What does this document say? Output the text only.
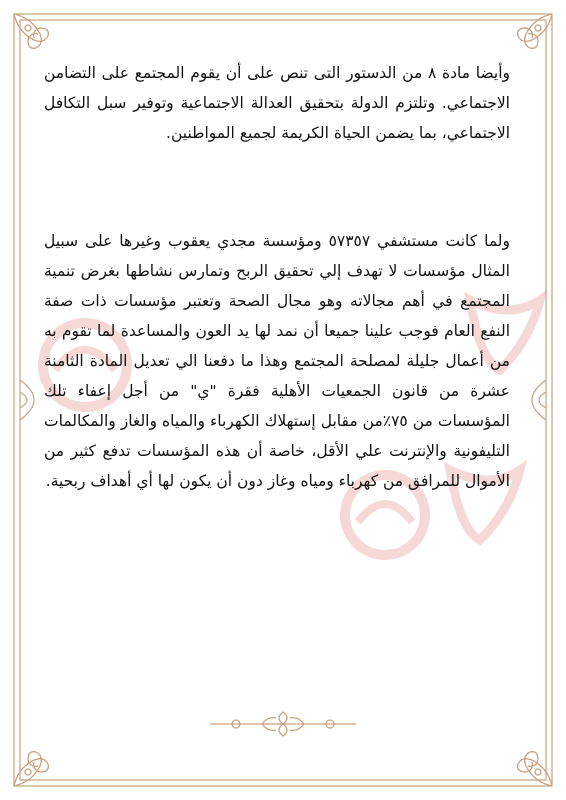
وأيضا مادة ٨ من الدستور التى تنص على أن يقوم المجتمع على التضامن الاجتماعي. وتلتزم الدولة بتحقيق العدالة الاجتماعية وتوفير سبل التكافل الاجتماعي، بما يضمن الحياة الكريمة لجميع المواطنين.
ولما كانت مستشفي ٥٧٣٥٧ ومؤسسة مجدي يعقوب وغيرها على سبيل المثال مؤسسات لا تهدف إلي تحقيق الربح وتمارس نشاطها بغرض تنمية المجتمع في أهم مجالاته وهو مجال الصحة وتعتبر مؤسسات ذات صفة النفع العام فوجب علينا جميعا أن نمد لها يد العون والمساعدة لما تقوم به من أعمال جليلة لمصلحة المجتمع وهذا ما دفعنا الي تعديل المادة الثامنة عشرة من قانون الجمعيات الأهلية فقرة "ي" من أجل إعفاء تلك المؤسسات من ٧٥٪من مقابل إستهلاك الكهرباء والمياه والغاز والمكالمات التليفونية والإنترنت علي الأقل، خاصة أن هذه المؤسسات تدفع كثير من الأموال للمرافق من كهرباء ومياه وغاز دون أن يكون لها أي أهداف ربحية.
